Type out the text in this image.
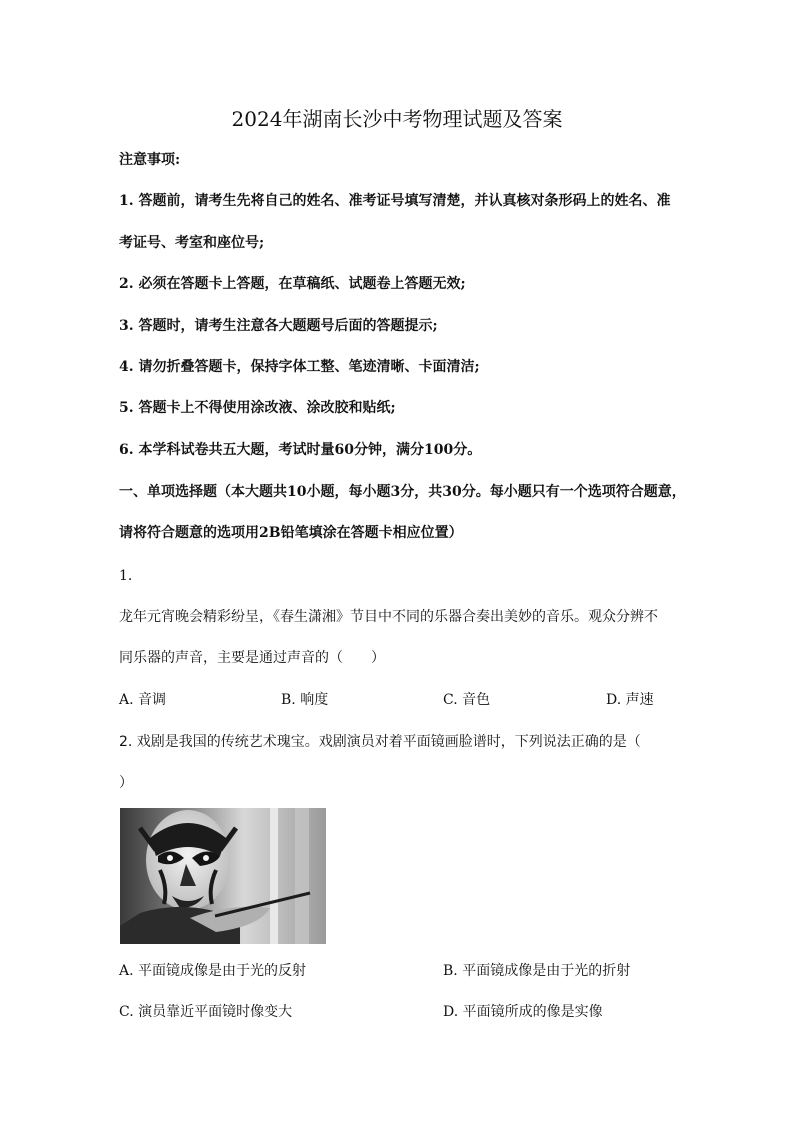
2024年湖南长沙中考物理试题及答案
注意事项:
1. 答题前，请考生先将自己的姓名、准考证号填写清楚，并认真核对条形码上的姓名、准
考证号、考室和座位号;
2. 必须在答题卡上答题，在草稿纸、试题卷上答题无效;
3. 答题时，请考生注意各大题题号后面的答题提示;
4. 请勿折叠答题卡，保持字体工整、笔迹清晰、卡面清洁;
5. 答题卡上不得使用涂改液、涂改胶和贴纸;
6. 本学科试卷共五大题，考试时量60分钟，满分100分。
一、单项选择题（本大题共10小题，每小题3分，共30分。每小题只有一个选项符合题意，
请将符合题意的选项用2B铅笔填涂在答题卡相应位置）
1.
龙年元宵晚会精彩纷呈，《春生潇湘》节目中不同的乐器合奏出美妙的音乐。观众分辨不
同乐器的声音，主要是通过声音的（　　）
A. 音调	B. 响度	C. 音色	D. 声速
2. 戏剧是我国的传统艺术瑰宝。戏剧演员对着平面镜画脸谱时，下列说法正确的是（
）
A. 平面镜成像是由于光的反射	B. 平面镜成像是由于光的折射
C. 演员靠近平面镜时像变大	D. 平面镜所成的像是实像
